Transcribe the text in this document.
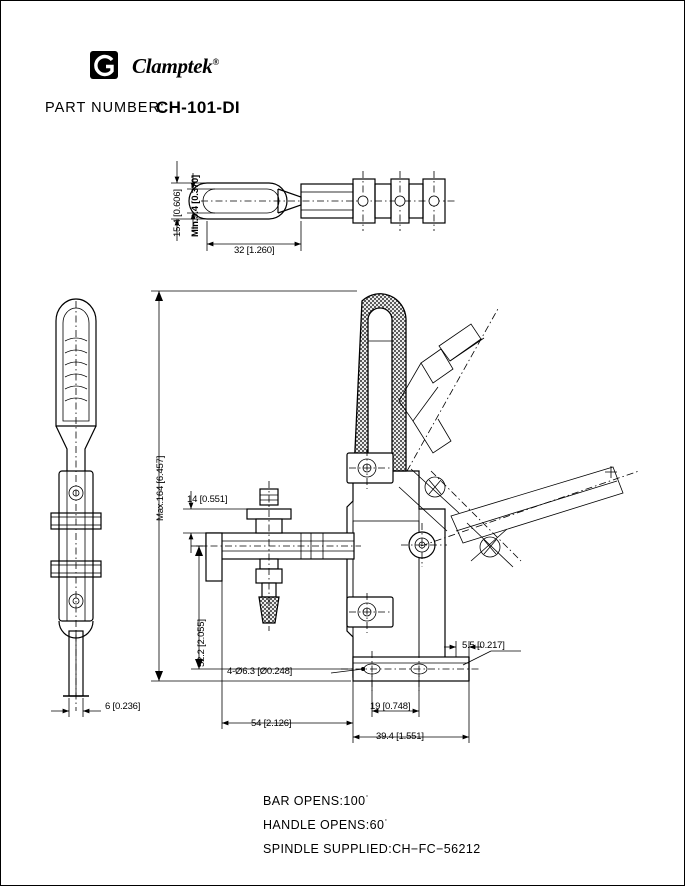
Clamptek®
PART NUMBER:
CH-101-DI
15.4 [0.606] Min.9.4 [0.370]
32 [1.260]
Max.164 [6.457] 14 [0.551]
52.2 [2.055]
54 [2.126]
4-Ø6.3 [Ø0.248]
19 [0.748]
39.4 [1.551]
5.5 [0.217]
6 [0.236]
BAR OPENS:100˙
HANDLE OPENS:60˙
SPINDLE SUPPLIED:CH−FC−56212
